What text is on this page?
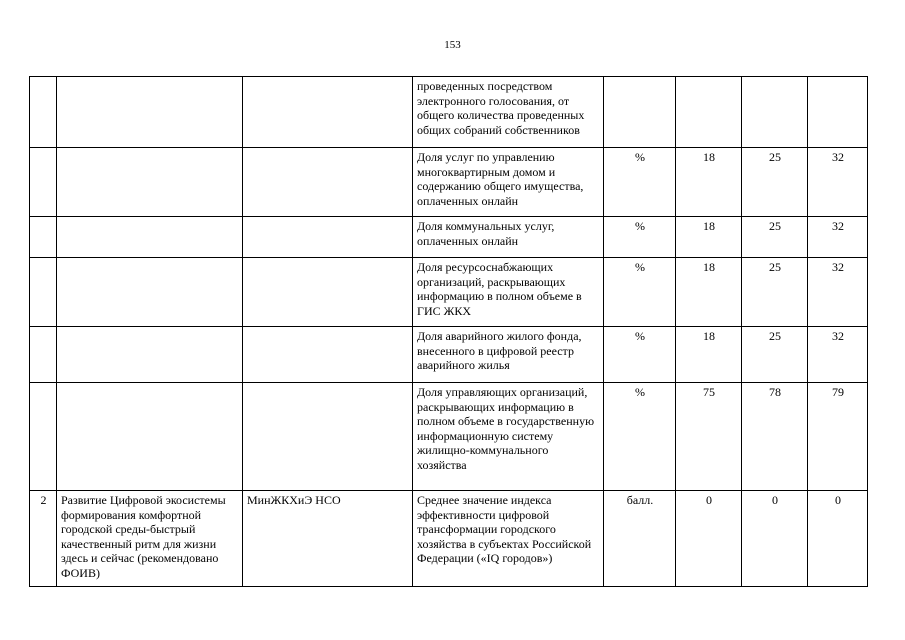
153
			проведенных посредством электронного голосования, от общего количества проведенных общих собраний собственников				
			Доля услуг по управлению многоквартирным домом и содержанию общего имущества, оплаченных онлайн	%	18	25	32
			Доля коммунальных услуг, оплаченных онлайн	%	18	25	32
			Доля ресурсоснабжающих организаций, раскрывающих информацию в полном объеме в ГИС ЖКХ	%	18	25	32
			Доля аварийного жилого фонда, внесенного в цифровой реестр аварийного жилья	%	18	25	32
			Доля управляющих организаций, раскрывающих информацию в полном объеме в государственную информационную систему жилищно-коммунального хозяйства	%	75	78	79
2	Развитие Цифровой экосистемы формирования комфортной городской среды-быстрый качественный ритм для жизни здесь и сейчас (рекомендовано ФОИВ)	МинЖКХиЭ НСО	Среднее значение индекса эффективности цифровой трансформации городского хозяйства в субъектах Российской Федерации («IQ городов»)	балл.	0	0	0
